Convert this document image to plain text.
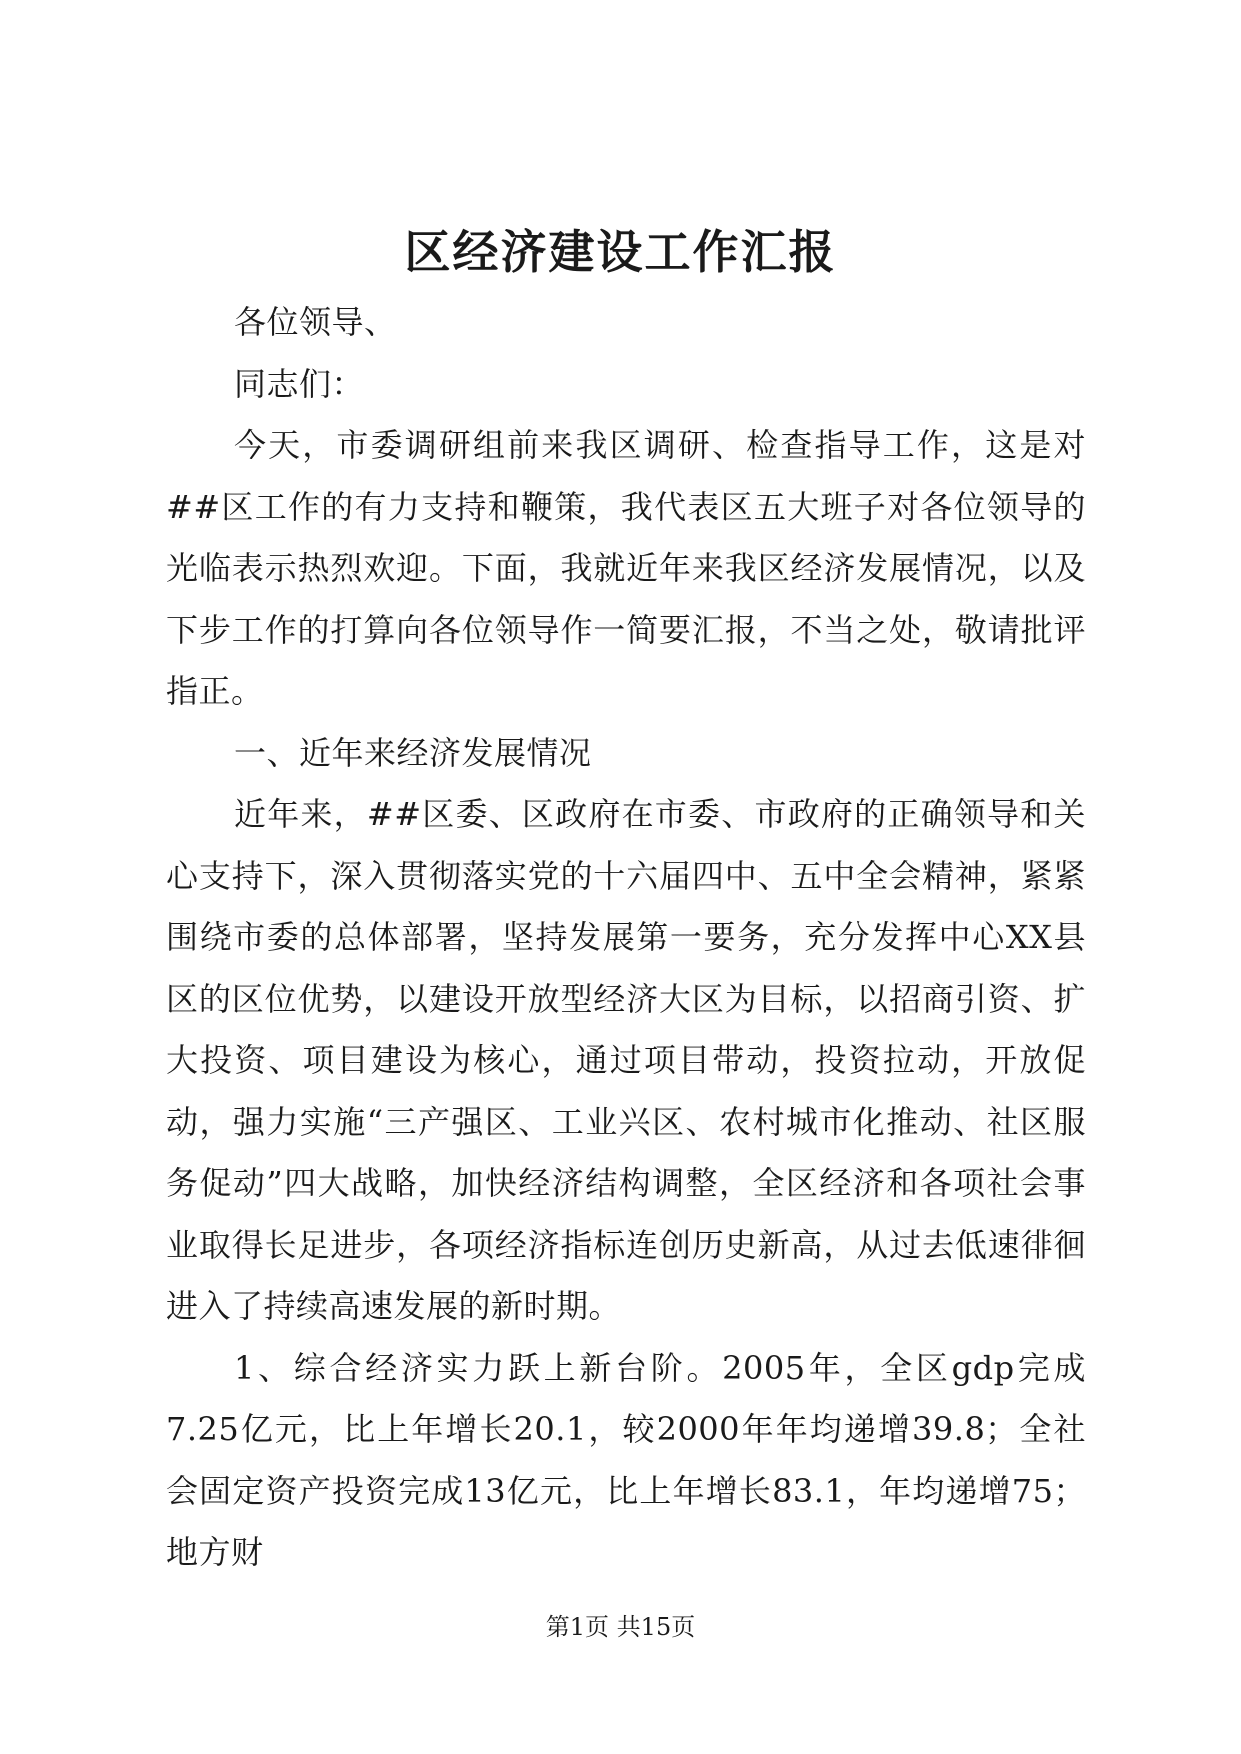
区经济建设工作汇报

各位领导、

同志们：

今天，市委调研组前来我区调研、检查指导工作，这是对##区工作的有力支持和鞭策，我代表区五大班子对各位领导的光临表示热烈欢迎。下面，我就近年来我区经济发展情况，以及下步工作的打算向各位领导作一简要汇报，不当之处，敬请批评指正。

一、近年来经济发展情况

近年来，##区委、区政府在市委、市政府的正确领导和关心支持下，深入贯彻落实党的十六届四中、五中全会精神，紧紧围绕市委的总体部署，坚持发展第一要务，充分发挥中心XX县区的区位优势，以建设开放型经济大区为目标，以招商引资、扩大投资、项目建设为核心，通过项目带动，投资拉动，开放促动，强力实施“三产强区、工业兴区、农村城市化推动、社区服务促动”四大战略，加快经济结构调整，全区经济和各项社会事业取得长足进步，各项经济指标连创历史新高，从过去低速徘徊进入了持续高速发展的新时期。

1、综合经济实力跃上新台阶。2005年，全区gdp完成7.25亿元，比上年增长20.1，较2000年年均递增39.8；全社会固定资产投资完成13亿元，比上年增长83.1，年均递增75；地方财

第1页 共15页
